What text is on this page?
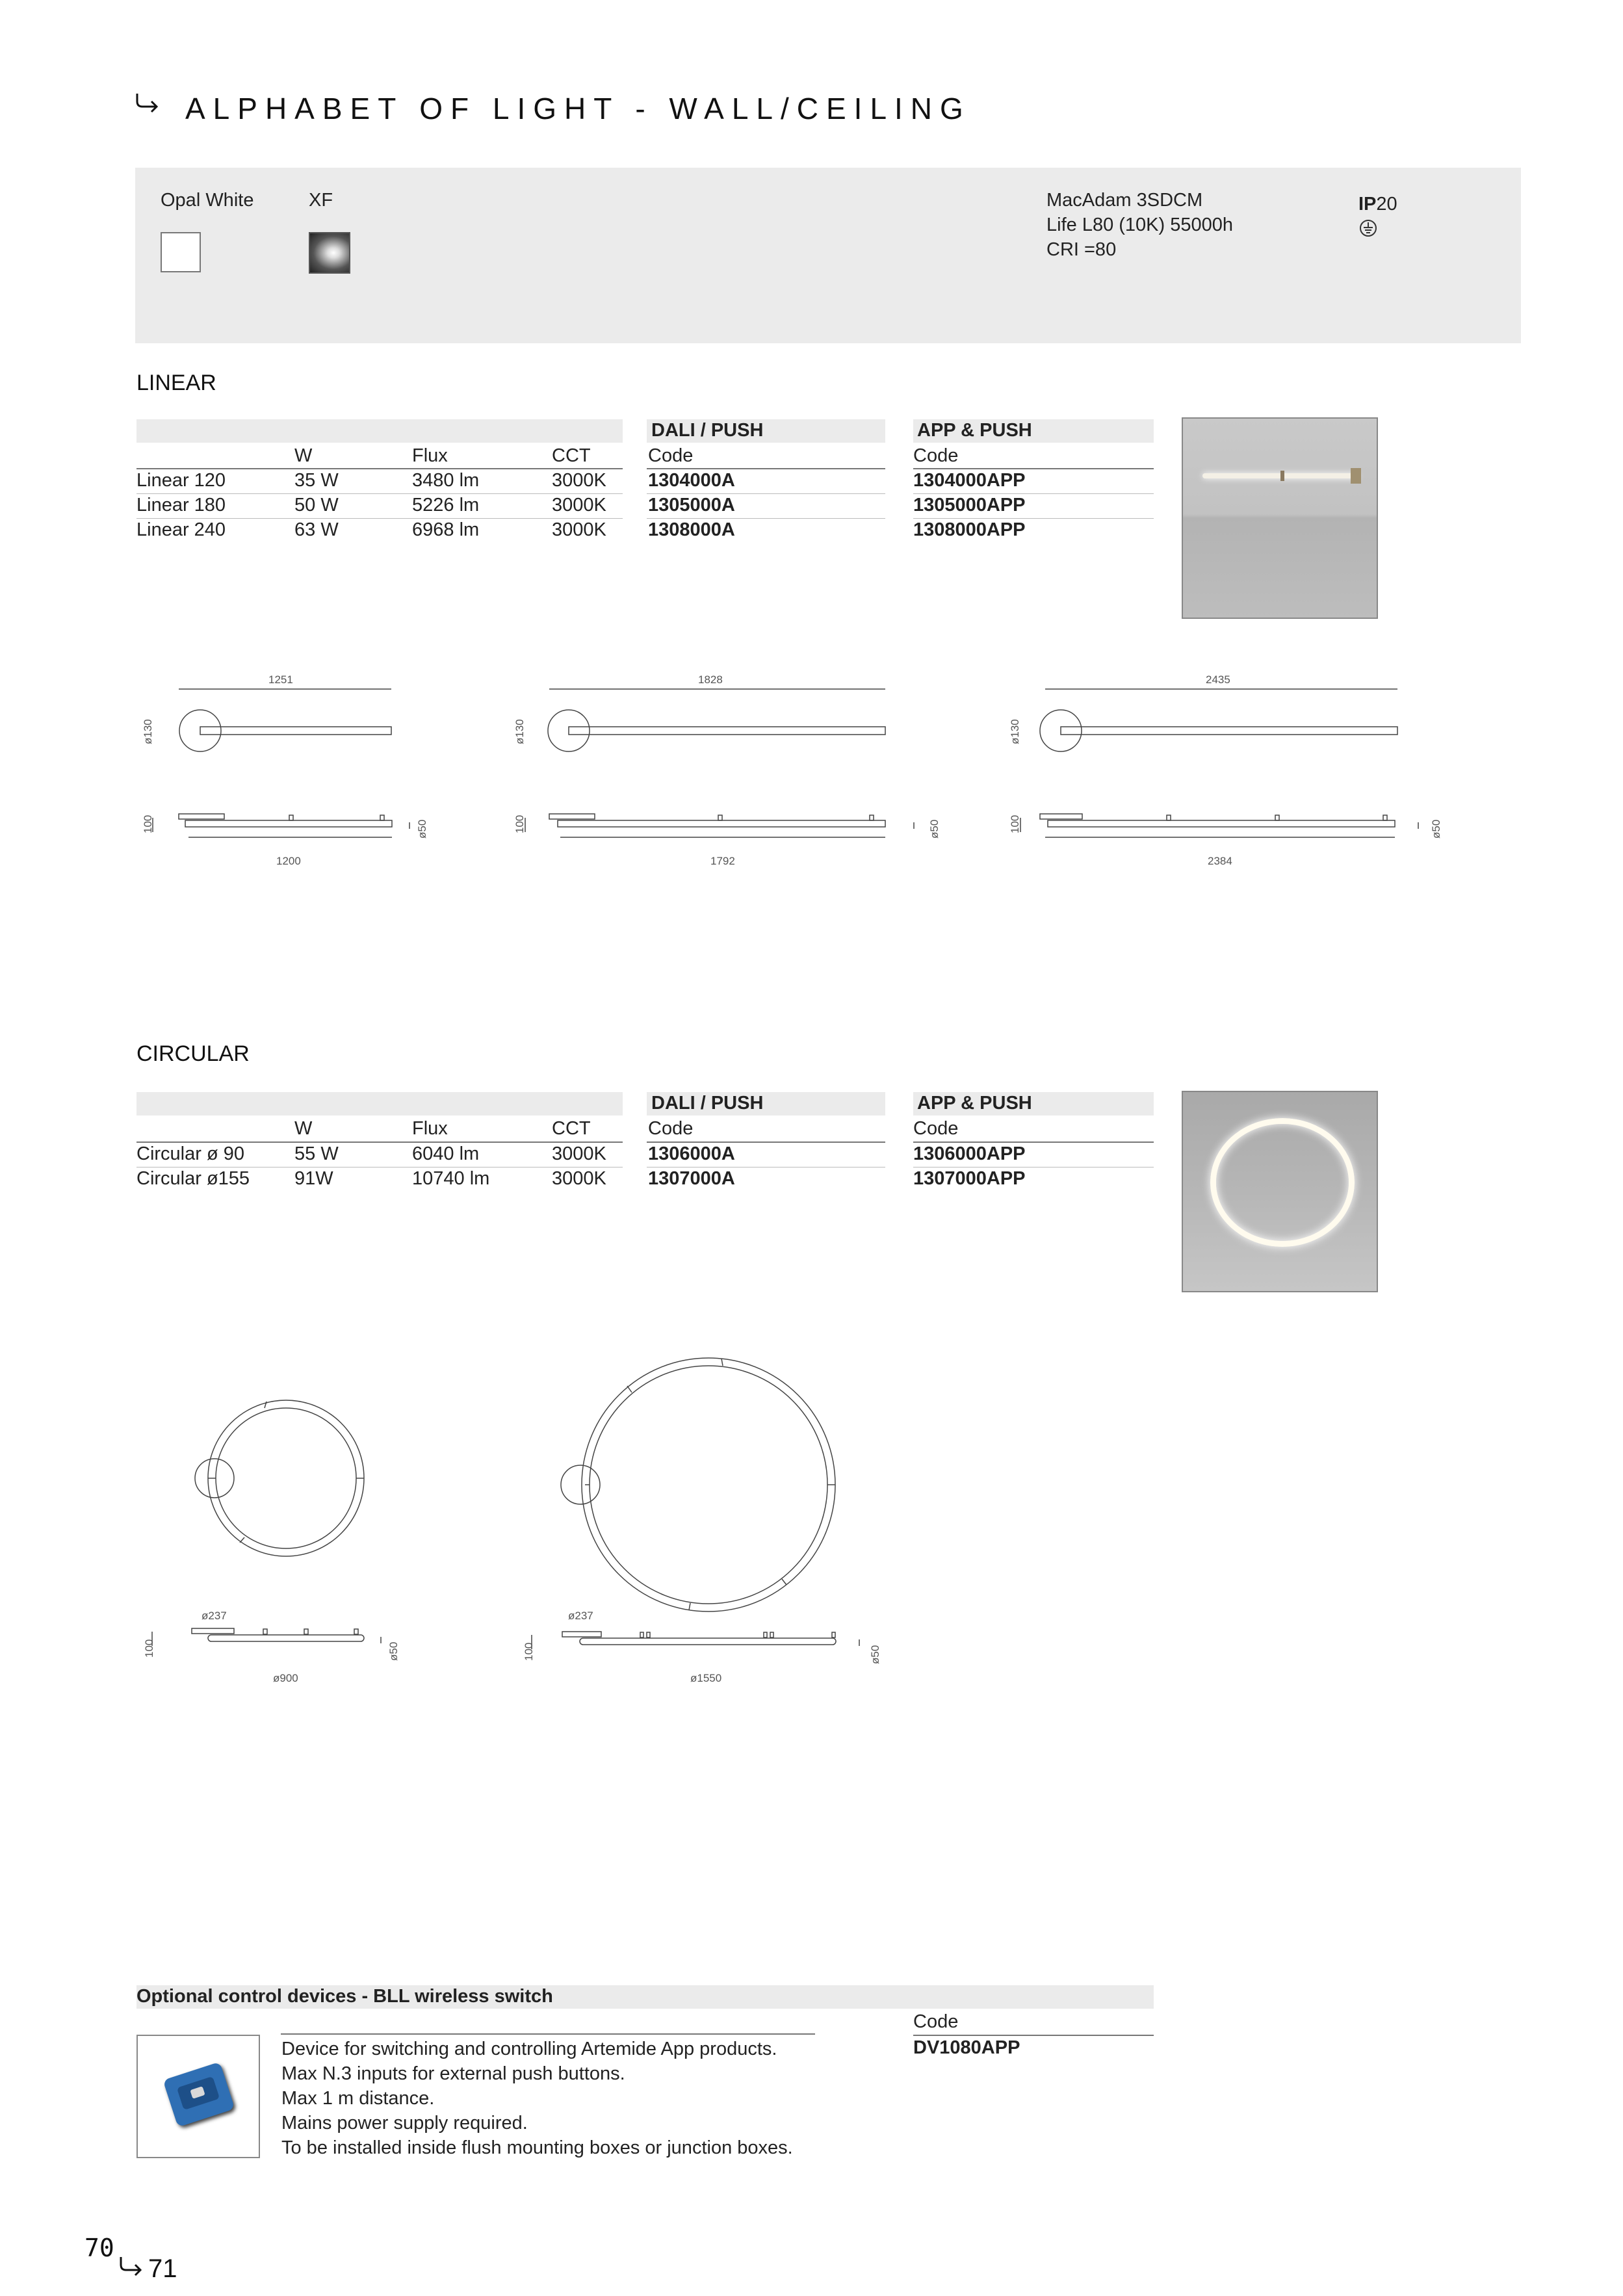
ALPHABET OF LIGHT - WALL/CEILING
Opal White	XF	MacAdam 3SDCM
Life L80 (10K) 55000h
CRI =80
IP20
LINEAR
DALI / PUSH	APP & PUSH
W	Flux	CCT	Code	Code
Linear 120	35 W	3480 lm	3000K 1304000A	1304000APP
Linear 180	50 W	5226 lm	3000K 1305000A	1305000APP
Linear 240	63 W	6968 lm	3000K 1308000A	1308000APP
1251
ø130
100	ø50
1200
1828
ø130
100	ø50
1792
2435
ø130
100	ø50
2384
CIRCULAR
DALI / PUSH	APP & PUSH
W	Flux	CCT	Code	Code
Circular ø 90	55 W	6040 lm	3000K 1306000A	1306000APP
Circular ø155 91W	10740 lm	3000K 1307000A	1307000APP
ø237
100	ø50
ø900
ø237
100	ø50
ø1550
Optional control devices - BLL wireless switch
Device for switching and controlling Artemide App products.
Max N.3 inputs for external push buttons.
Max 1 m distance.
Mains power supply required.
To be installed inside flush mounting boxes or junction boxes.
Code
DV1080APP
70
71
